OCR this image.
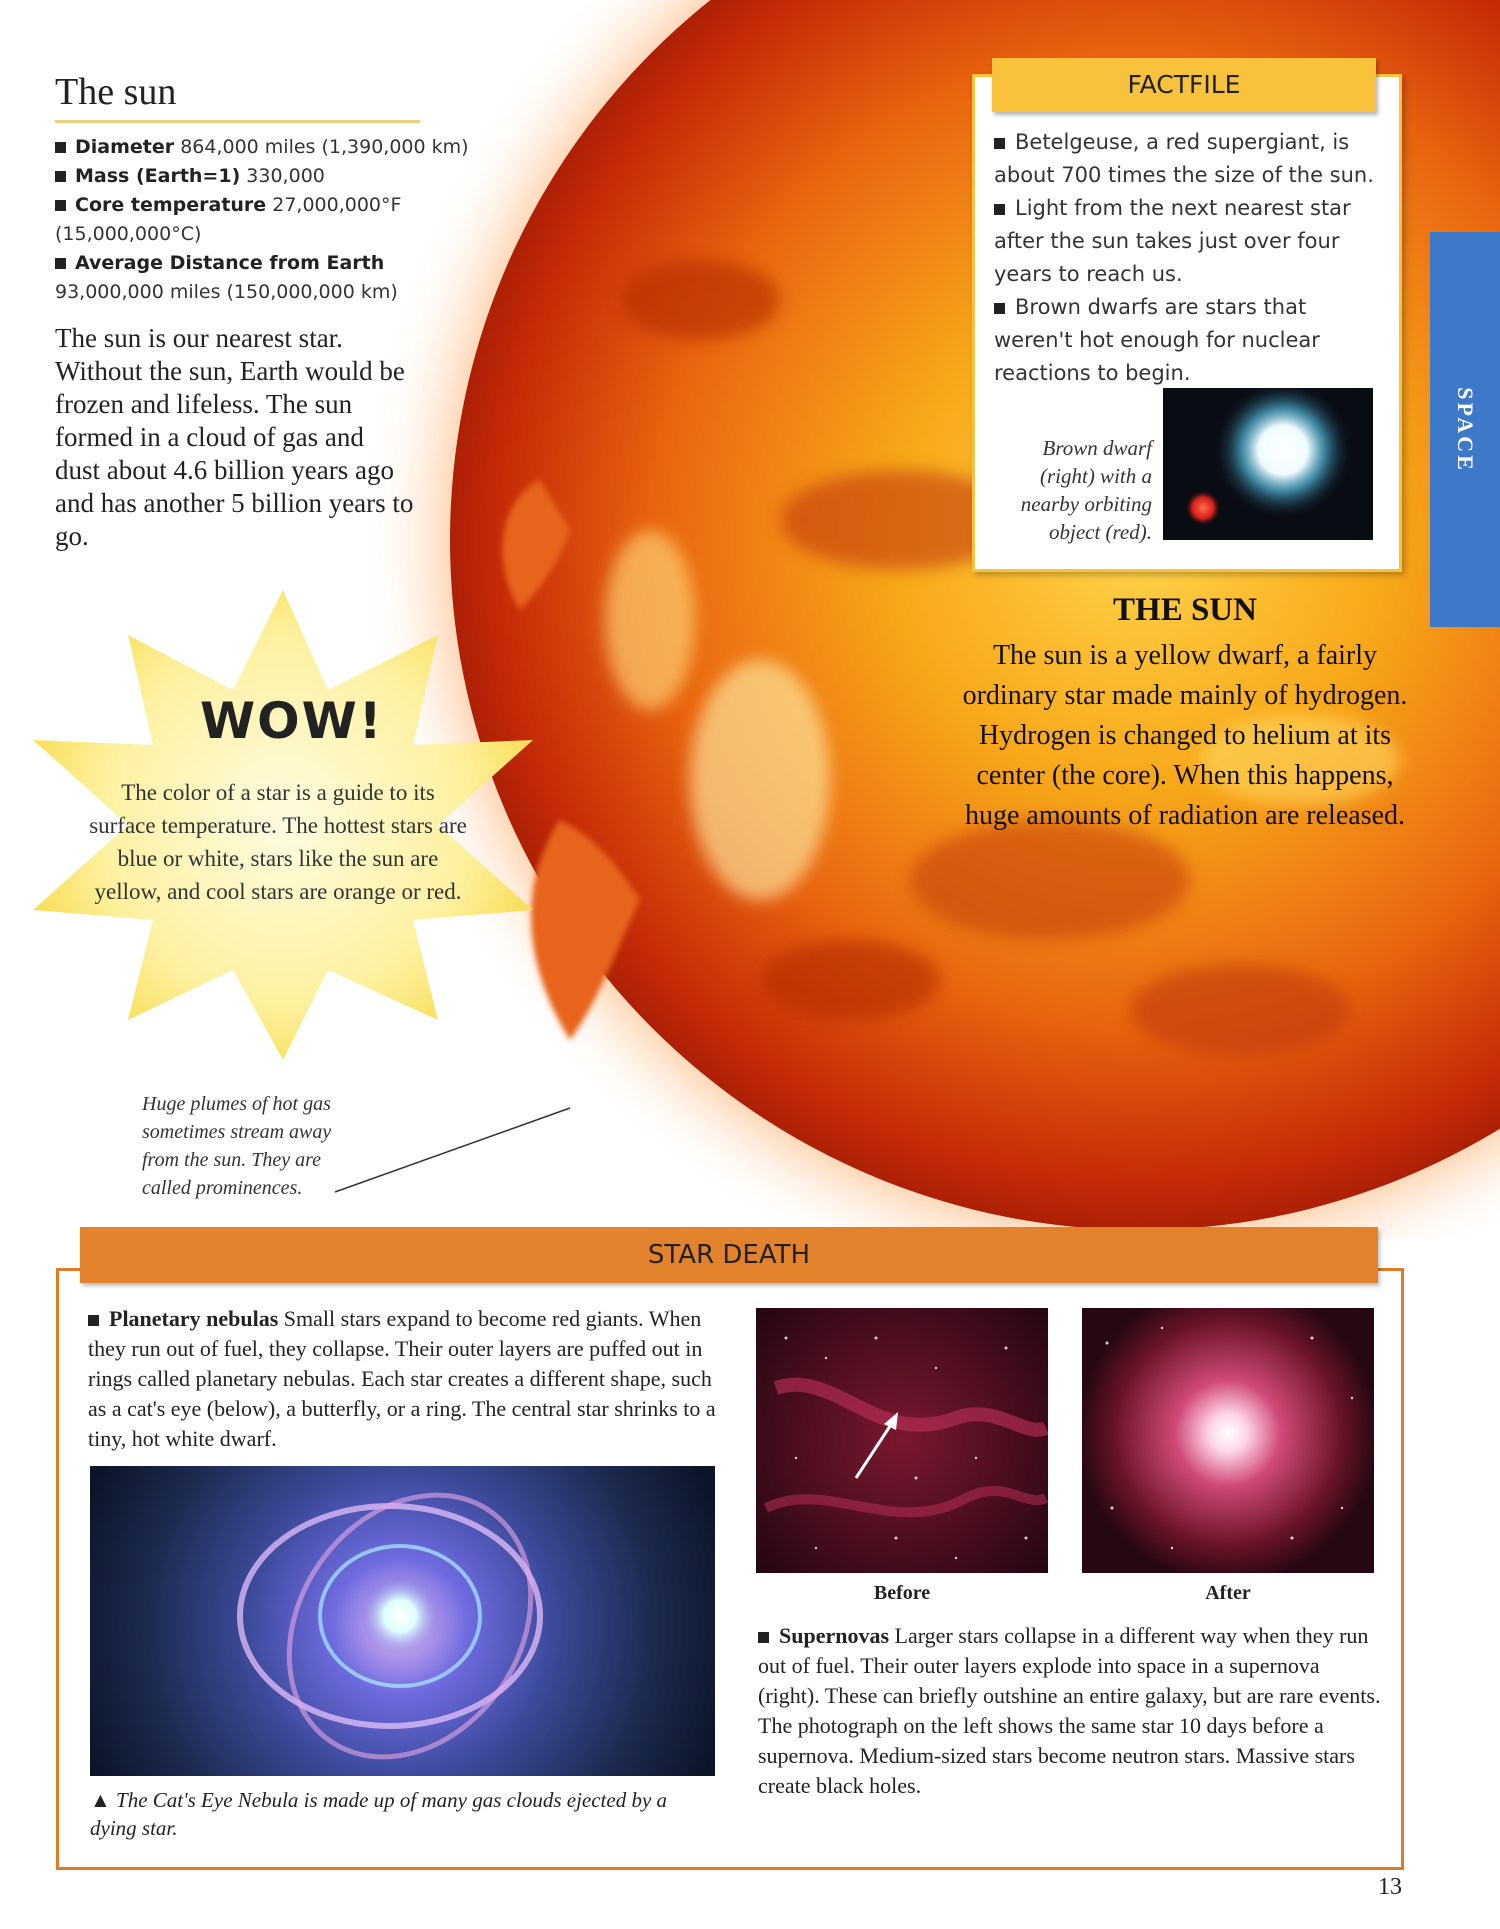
The sun
Diameter 864,000 miles (1,390,000 km)
Mass (Earth=1) 330,000
Core temperature 27,000,000°F (15,000,000°C)
Average Distance from Earth
93,000,000 miles (150,000,000 km)
The sun is our nearest star. Without the sun, Earth would be frozen and lifeless. The sun formed in a cloud of gas and dust about 4.6 billion years ago and has another 5 billion years to go.
WOW!
The color of a star is a guide to its surface temperature. The hottest stars are blue or white, stars like the sun are yellow, and cool stars are orange or red.
Huge plumes of hot gas sometimes stream away from the sun. They are called prominences.
FACTFILE

Betelgeuse, a red supergiant, is about 700 times the size of the sun.

Light from the next nearest star after the sun takes just over four years to reach us.

Brown dwarfs are stars that weren't hot enough for nuclear reactions to begin.

Brown dwarf (right) with a nearby orbiting object (red).
SPACE
THE SUN
The sun is a yellow dwarf, a fairly ordinary star made mainly of hydrogen. Hydrogen is changed to helium at its center (the core). When this happens, huge amounts of radiation are released.
STAR DEATH
Planetary nebulas Small stars expand to become red giants. When they run out of fuel, they collapse. Their outer layers are puffed out in rings called planetary nebulas. Each star creates a different shape, such as a cat's eye (below), a butterfly, or a ring. The central star shrinks to a tiny, hot white dwarf.
▲ The Cat's Eye Nebula is made up of many gas clouds ejected by a dying star.
Before	After
Supernovas Larger stars collapse in a different way when they run out of fuel. Their outer layers explode into space in a supernova (right). These can briefly outshine an entire galaxy, but are rare events. The photograph on the left shows the same star 10 days before a supernova. Medium-sized stars become neutron stars. Massive stars create black holes.
13
